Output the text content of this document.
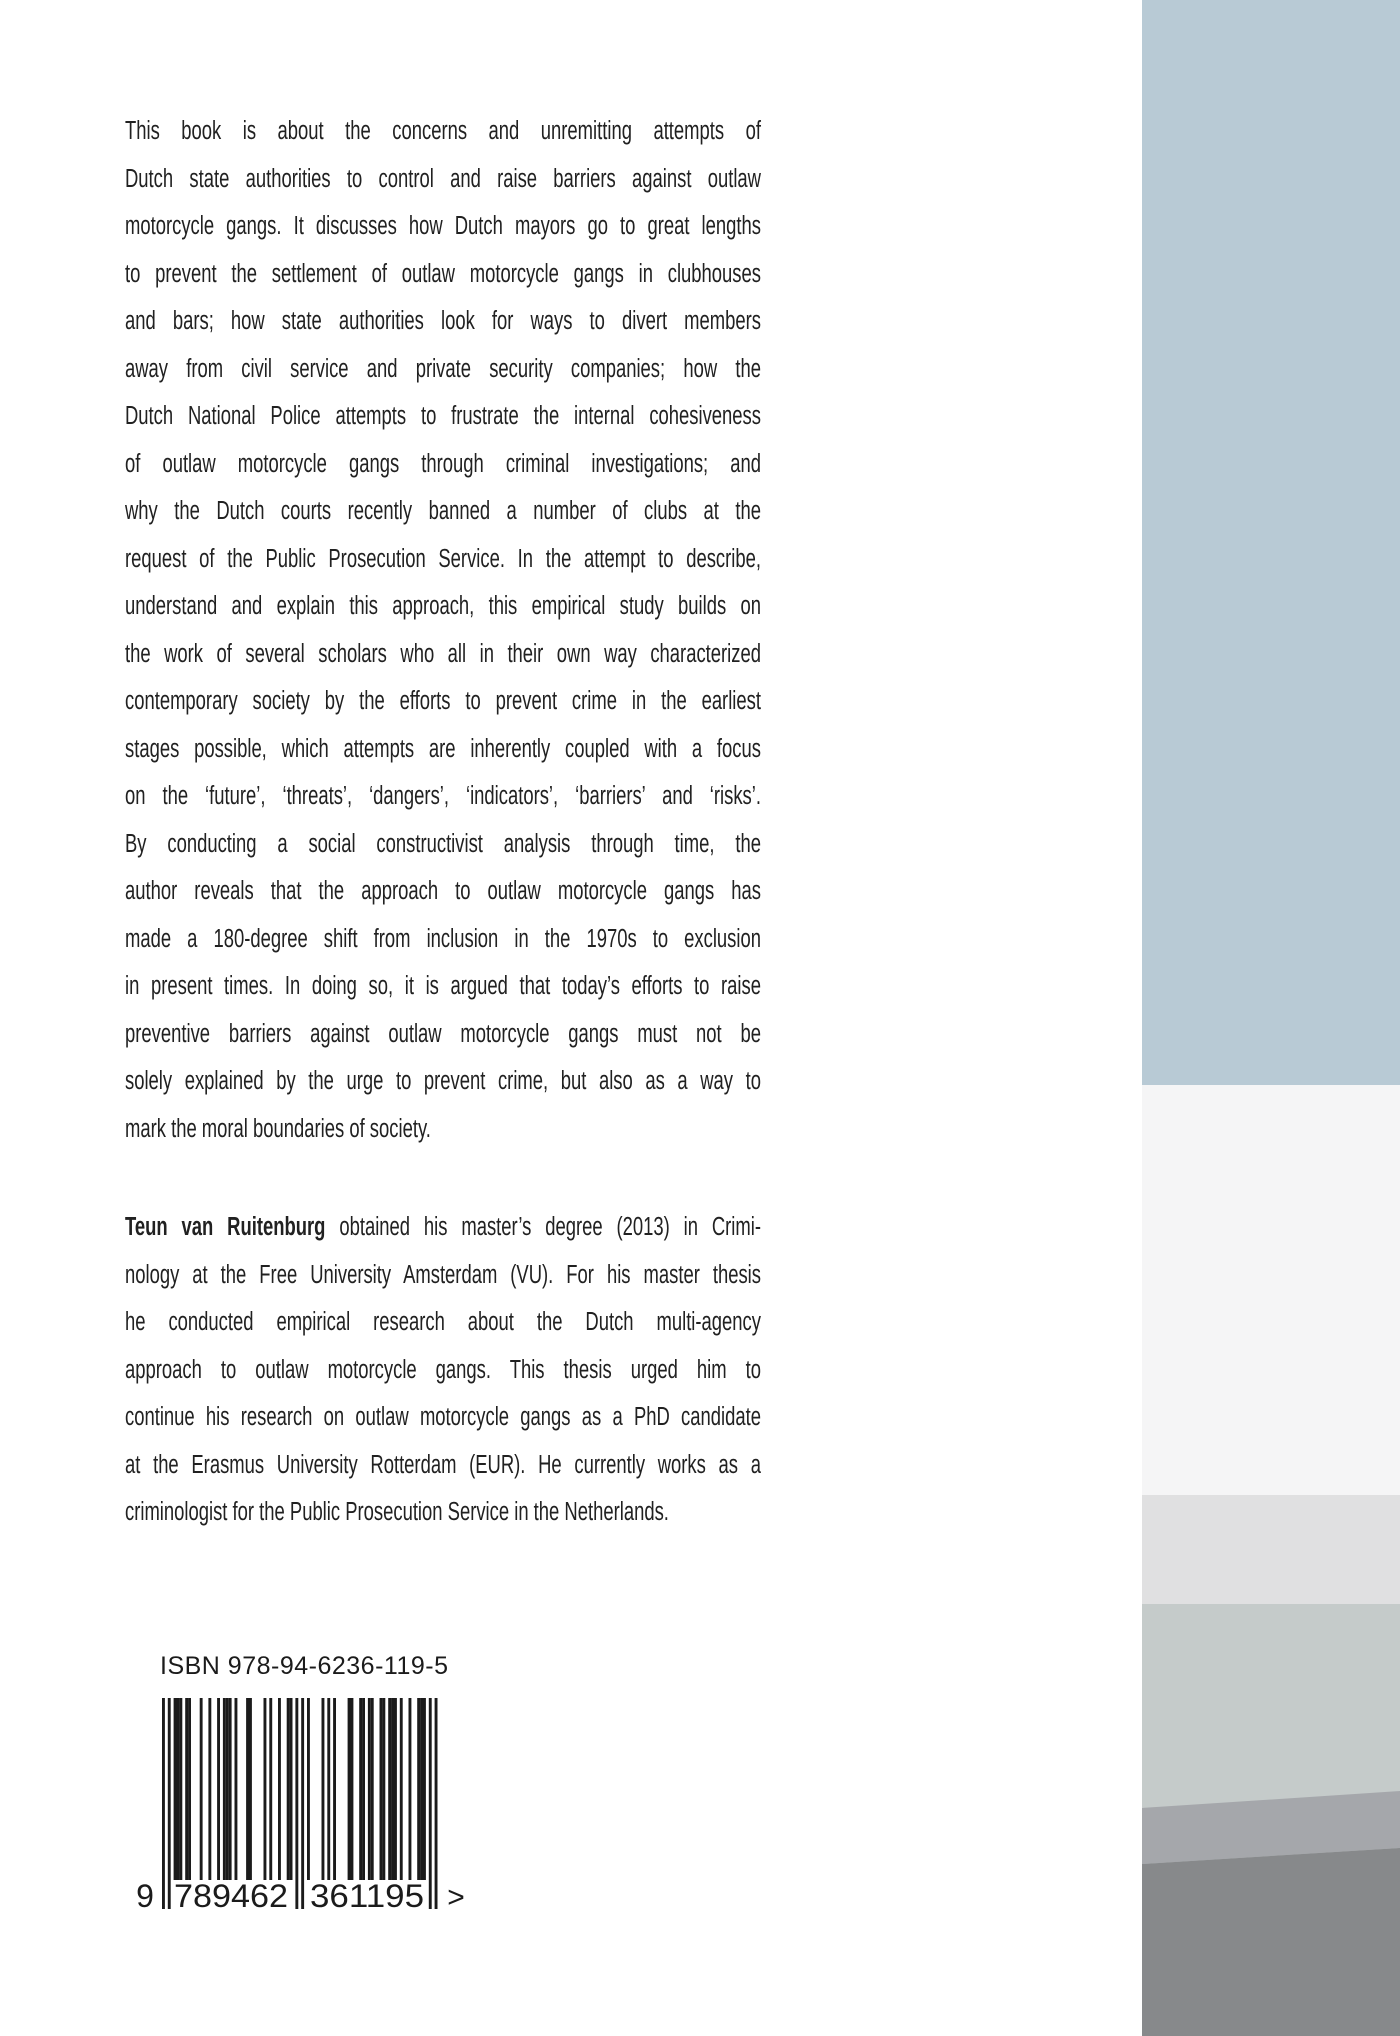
This book is about the concerns and unremitting attempts of
Dutch state authorities to control and raise barriers against outlaw
motorcycle gangs. It discusses how Dutch mayors go to great lengths
to prevent the settlement of outlaw motorcycle gangs in clubhouses
and bars; how state authorities look for ways to divert members
away from civil service and private security companies; how the
Dutch National Police attempts to frustrate the internal cohesiveness
of outlaw motorcycle gangs through criminal investigations; and
why the Dutch courts recently banned a number of clubs at the
request of the Public Prosecution Service. In the attempt to describe,
understand and explain this approach, this empirical study builds on
the work of several scholars who all in their own way characterized
contemporary society by the efforts to prevent crime in the earliest
stages possible, which attempts are inherently coupled with a focus
on the ‘future’, ‘threats’, ‘dangers’, ‘indicators’, ‘barriers’ and ‘risks’.
By conducting a social constructivist analysis through time, the
author reveals that the approach to outlaw motorcycle gangs has
made a 180-degree shift from inclusion in the 1970s to exclusion
in present times. In doing so, it is argued that today’s efforts to raise
preventive barriers against outlaw motorcycle gangs must not be
solely explained by the urge to prevent crime, but also as a way to
mark the moral boundaries of society.
Teun van Ruitenburg obtained his master’s degree (2013) in Crimi-
nology at the Free University Amsterdam (VU). For his master thesis
he conducted empirical research about the Dutch multi-agency
approach to outlaw motorcycle gangs. This thesis urged him to
continue his research on outlaw motorcycle gangs as a PhD candidate
at the Erasmus University Rotterdam (EUR). He currently works as a
criminologist for the Public Prosecution Service in the Netherlands.
ISBN 978-94-6236-119-5
9 789462 361195 >
